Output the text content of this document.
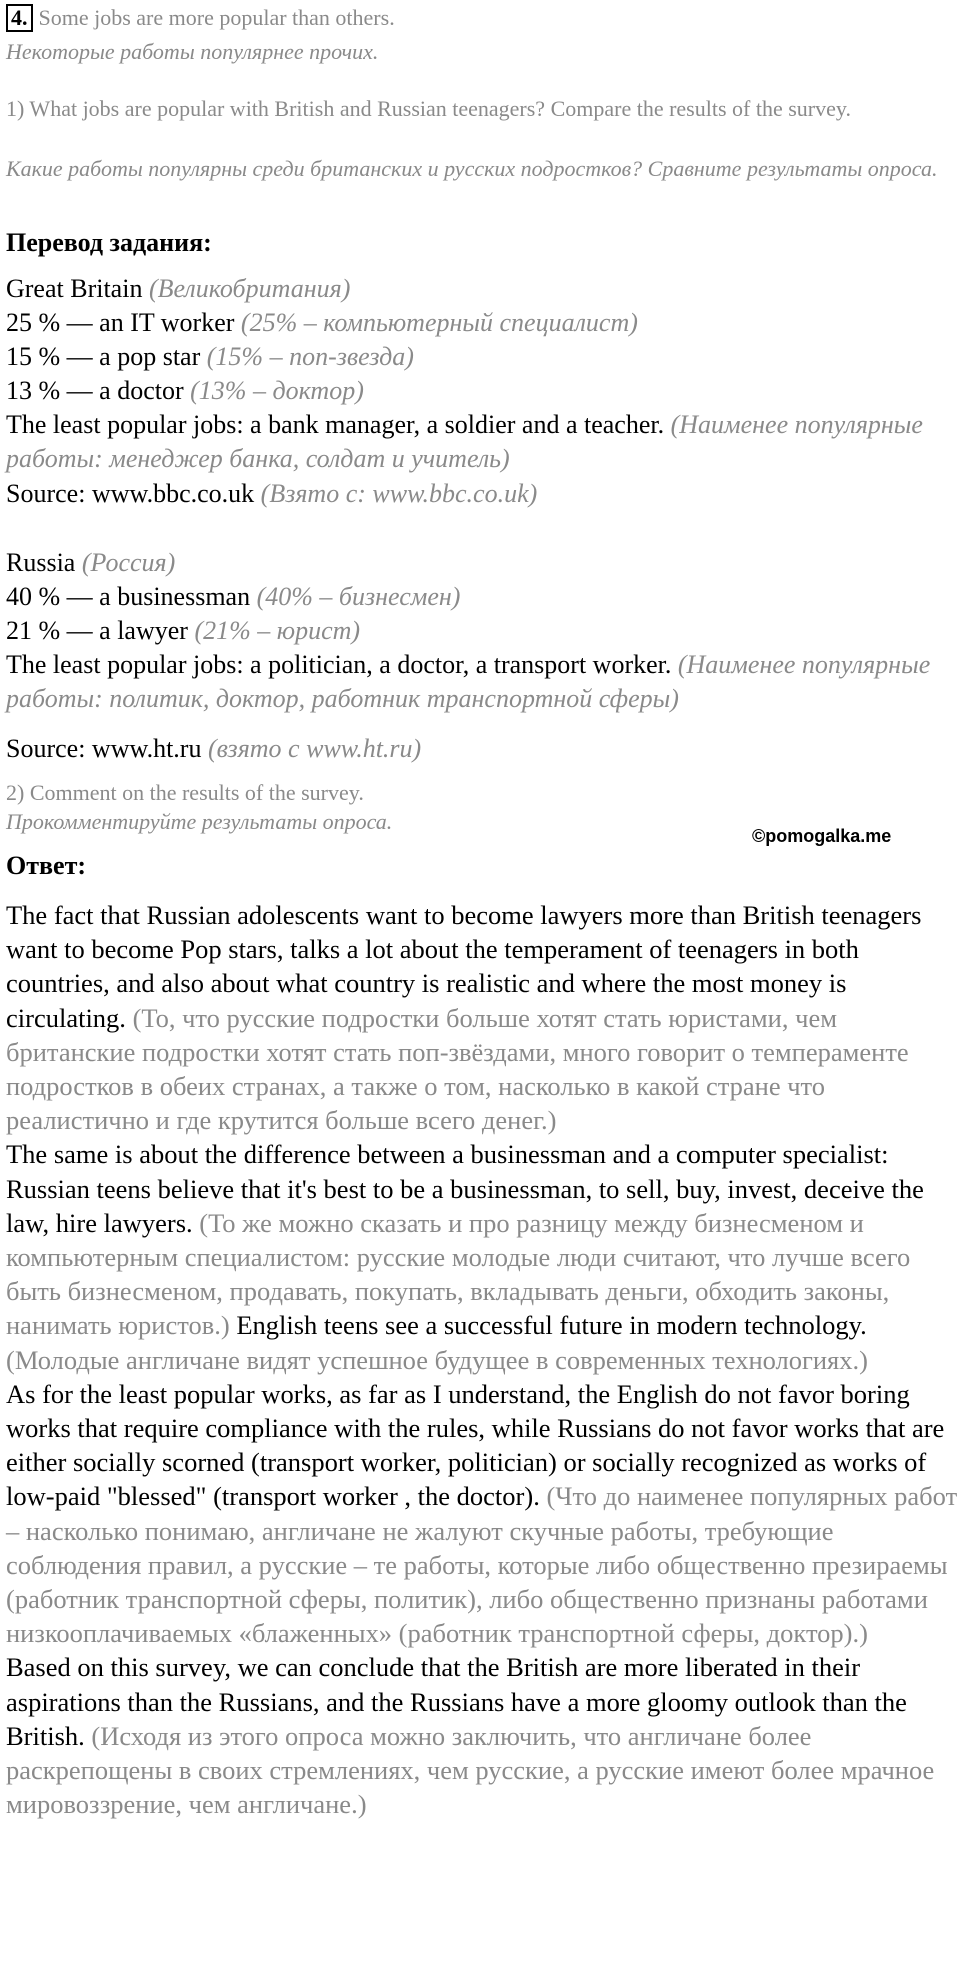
4. Some jobs are more popular than others.
Некоторые работы популярнее прочих.
1) What jobs are popular with British and Russian teenagers? Compare the results of the survey.
Какие работы популярны среди британских и русских подростков? Сравните результаты опроса.
Перевод задания:
Great Britain (Великобритания)
25 % — an IT worker (25% – компьютерный специалист)
15 % — a pop star (15% – поп-звезда)
13 % — a doctor (13% – доктор)
The least popular jobs: a bank manager, a soldier and a teacher. (Наименее популярные работы: менеджер банка, солдат и учитель)
Source: www.bbc.co.uk (Взято с: www.bbc.co.uk)
Russia (Россия)
40 % — a businessman (40% – бизнесмен)
21 % — a lawyer (21% – юрист)
The least popular jobs: a politician, a doctor, a transport worker. (Наименее популярные работы: политик, доктор, работник транспортной сферы)
Source: www.ht.ru (взято с www.ht.ru)
2) Comment on the results of the survey.
Прокомментируйте результаты опроса.
©pomogalka.me
Ответ:

The fact that Russian adolescents want to become lawyers more than British teenagers want to become Pop stars, talks a lot about the temperament of teenagers in both countries, and also about what country is realistic and where the most money is circulating. (То, что русские подростки больше хотят стать юристами, чем британские подростки хотят стать поп-звёздами, много говорит о темпераменте подростков в обеих странах, а также о том, насколько в какой стране что реалистично и где крутится больше всего денег.)

The same is about the difference between a businessman and a computer specialist: Russian teens believe that it's best to be a businessman, to sell, buy, invest, deceive the law, hire lawyers. (То же можно сказать и про разницу между бизнесменом и компьютерным специалистом: русские молодые люди считают, что лучше всего быть бизнесменом, продавать, покупать, вкладывать деньги, обходить законы, нанимать юристов.) English teens see a successful future in modern technology. (Молодые англичане видят успешное будущее в современных технологиях.)

As for the least popular works, as far as I understand, the English do not favor boring works that require compliance with the rules, while Russians do not favor works that are either socially scorned (transport worker, politician) or socially recognized as works of low-paid "blessed" (transport worker , the doctor). (Что до наименее популярных работ – насколько понимаю, англичане не жалуют скучные работы, требующие соблюдения правил, а русские – те работы, которые либо общественно презираемы (работник транспортной сферы, политик), либо общественно признаны работами низкооплачиваемых «блаженных» (работник транспортной сферы, доктор).)

Based on this survey, we can conclude that the British are more liberated in their aspirations than the Russians, and the Russians have a more gloomy outlook than the British. (Исходя из этого опроса можно заключить, что англичане более раскрепощены в своих стремлениях, чем русские, а русские имеют более мрачное мировоззрение, чем англичане.)
